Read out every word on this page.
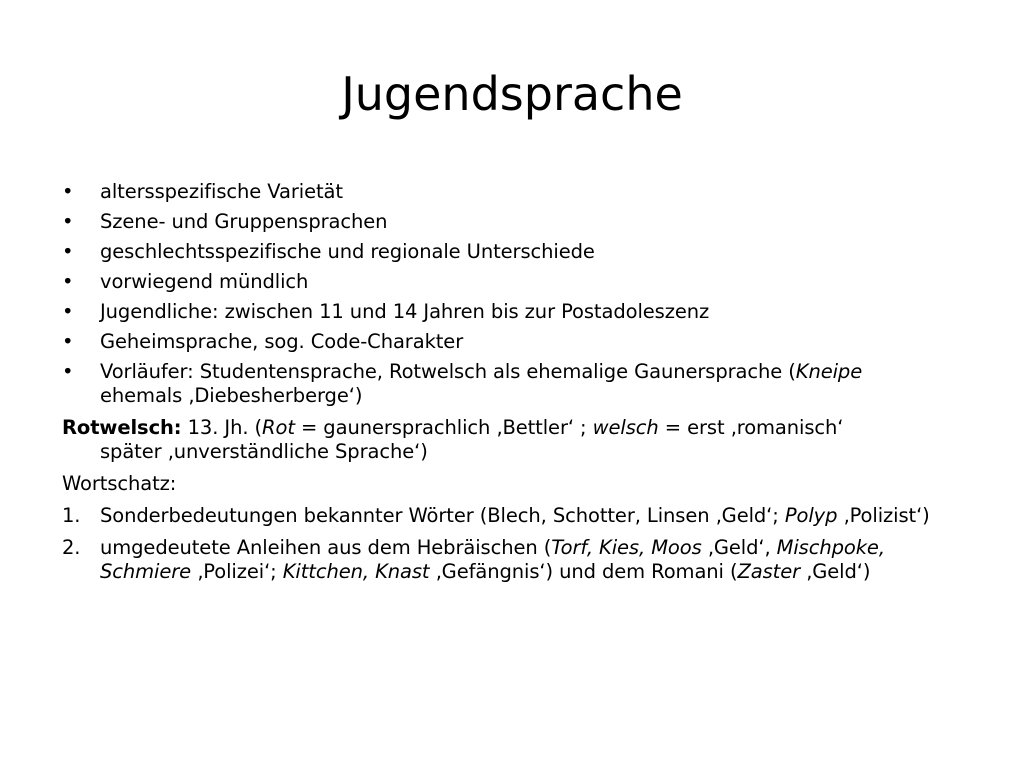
Jugendsprache
• altersspezifische Varietät
• Szene- und Gruppensprachen
• geschlechtsspezifische und regionale Unterschiede
• vorwiegend mündlich
• Jugendliche: zwischen 11 und 14 Jahren bis zur Postadoleszenz
• Geheimsprache, sog. Code-Charakter
• Vorläufer: Studentensprache, Rotwelsch als ehemalige Gaunersprache (Kneipe
ehemals ‚Diebesherberge‘)

Rotwelsch: 13. Jh. (Rot = gaunersprachlich ‚Bettler‘ ; welsch = erst ‚romanisch‘
später ‚unverständliche Sprache‘)

Wortschatz:

1. Sonderbedeutungen bekannter Wörter (Blech, Schotter, Linsen ‚Geld‘; Polyp ‚Polizist‘)
2. umgedeutete Anleihen aus dem Hebräischen (Torf, Kies, Moos ‚Geld‘, Mischpoke, Schmiere ‚Polizei‘; Kittchen, Knast ‚Gefängnis‘) und dem Romani (Zaster ‚Geld‘)
